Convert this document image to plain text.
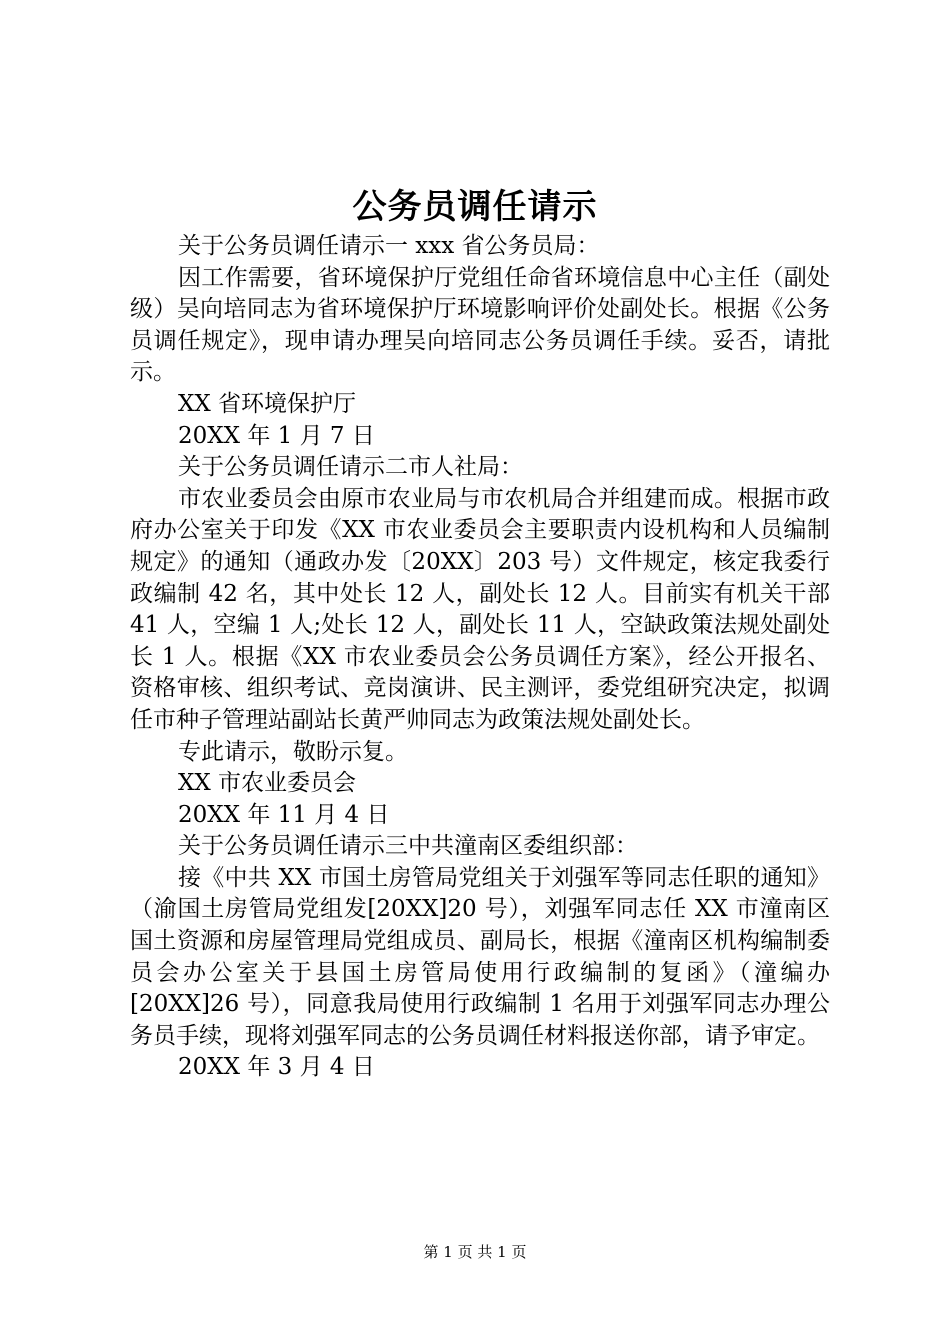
公务员调任请示

关于公务员调任请示一 xxx 省公务员局：

因工作需要，省环境保护厅党组任命省环境信息中心主任（副处级）吴向培同志为省环境保护厅环境影响评价处副处长。根据《公务员调任规定》，现申请办理吴向培同志公务员调任手续。妥否，请批示。

XX 省环境保护厅

20XX 年 1 月 7 日

关于公务员调任请示二市人社局：

市农业委员会由原市农业局与市农机局合并组建而成。根据市政府办公室关于印发《XX 市农业委员会主要职责内设机构和人员编制规定》的通知（通政办发〔20XX〕203 号）文件规定，核定我委行政编制 42 名，其中处长 12 人，副处长 12 人。目前实有机关干部 41 人，空编 1 人;处长 12 人，副处长 11 人，空缺政策法规处副处长 1 人。根据《XX 市农业委员会公务员调任方案》，经公开报名、资格审核、组织考试、竞岗演讲、民主测评，委党组研究决定，拟调任市种子管理站副站长黄严帅同志为政策法规处副处长。

专此请示，敬盼示复。

XX 市农业委员会

20XX 年 11 月 4 日

关于公务员调任请示三中共潼南区委组织部：

接《中共 XX 市国土房管局党组关于刘强军等同志任职的通知》（渝国土房管局党组发[20XX]20 号），刘强军同志任 XX 市潼南区国土资源和房屋管理局党组成员、副局长，根据《潼南区机构编制委员会办公室关于县国土房管局使用行政编制的复函》（潼编办[20XX]26 号），同意我局使用行政编制 1 名用于刘强军同志办理公务员手续，现将刘强军同志的公务员调任材料报送你部，请予审定。

20XX 年 3 月 4 日

第 1 页 共 1 页
